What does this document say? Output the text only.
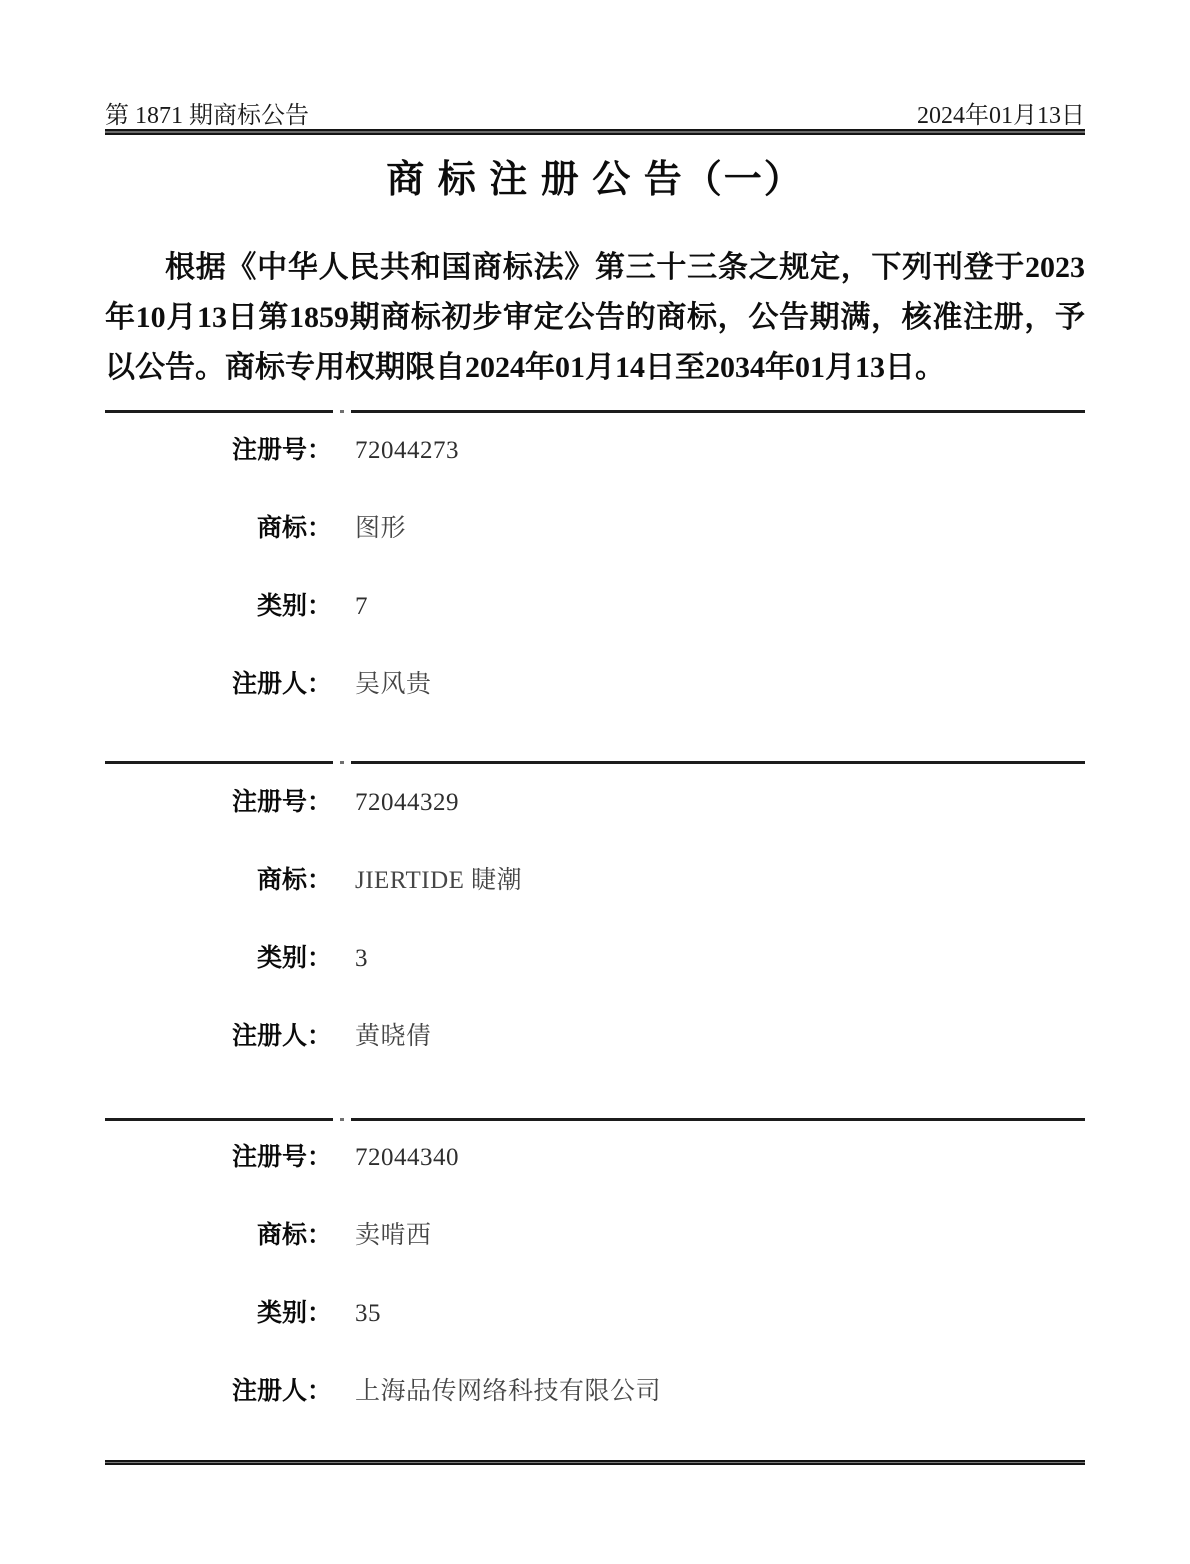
第 1871 期商标公告	2024年01月13日
商 标 注 册 公 告（一）

根据《中华人民共和国商标法》第三十三条之规定，下列刊登于2023年10月13日第1859期商标初步审定公告的商标，公告期满，核准注册，予以公告。商标专用权期限自2024年01月14日至2034年01月13日。

注册号： 72044273
商标： 图形
类别： 7
注册人： 吴风贵
注册号： 72044329
商标： JIERTIDE 睫潮
类别： 3
注册人： 黄晓倩
注册号： 72044340
商标： 卖啃西
类别： 35
注册人： 上海品传网络科技有限公司
